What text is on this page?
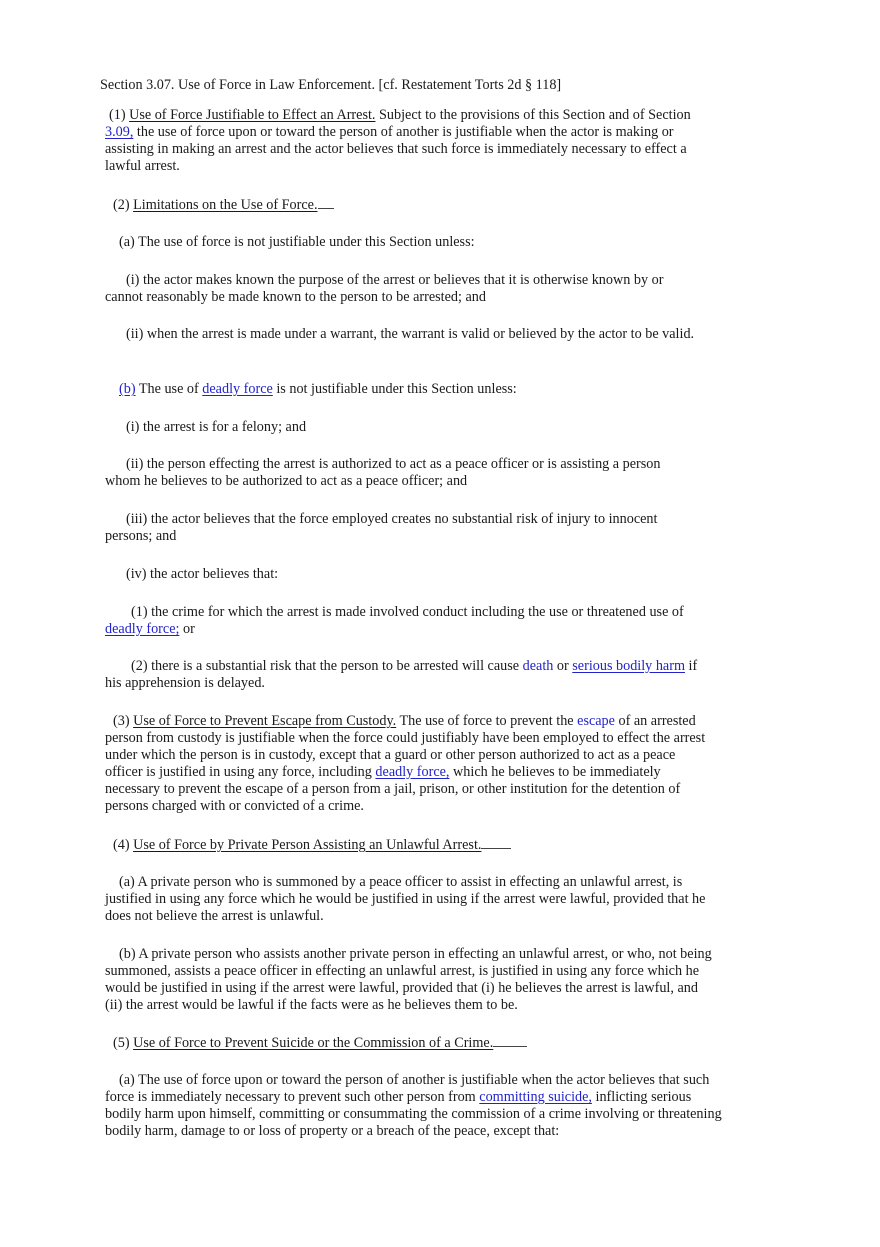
Section 3.07. Use of Force in Law Enforcement. [cf. Restatement Torts 2d § 118]
(1) Use of Force Justifiable to Effect an Arrest. Subject to the provisions of this Section and of Section 3.09, the use of force upon or toward the person of another is justifiable when the actor is making or assisting in making an arrest and the actor believes that such force is immediately necessary to effect a lawful arrest.
(2) Limitations on the Use of Force.
(a) The use of force is not justifiable under this Section unless:
(i) the actor makes known the purpose of the arrest or believes that it is otherwise known by or cannot reasonably be made known to the person to be arrested; and
(ii) when the arrest is made under a warrant, the warrant is valid or believed by the actor to be valid.
(b) The use of deadly force is not justifiable under this Section unless:
(i) the arrest is for a felony; and
(ii) the person effecting the arrest is authorized to act as a peace officer or is assisting a person whom he believes to be authorized to act as a peace officer; and
(iii) the actor believes that the force employed creates no substantial risk of injury to innocent persons; and
(iv) the actor believes that:
(1) the crime for which the arrest is made involved conduct including the use or threatened use of deadly force; or
(2) there is a substantial risk that the person to be arrested will cause death or serious bodily harm if his apprehension is delayed.
(3) Use of Force to Prevent Escape from Custody. The use of force to prevent the escape of an arrested person from custody is justifiable when the force could justifiably have been employed to effect the arrest under which the person is in custody, except that a guard or other person authorized to act as a peace officer is justified in using any force, including deadly force, which he believes to be immediately necessary to prevent the escape of a person from a jail, prison, or other institution for the detention of persons charged with or convicted of a crime.
(4) Use of Force by Private Person Assisting an Unlawful Arrest.
(a) A private person who is summoned by a peace officer to assist in effecting an unlawful arrest, is justified in using any force which he would be justified in using if the arrest were lawful, provided that he does not believe the arrest is unlawful.
(b) A private person who assists another private person in effecting an unlawful arrest, or who, not being summoned, assists a peace officer in effecting an unlawful arrest, is justified in using any force which he would be justified in using if the arrest were lawful, provided that (i) he believes the arrest is lawful, and (ii) the arrest would be lawful if the facts were as he believes them to be.
(5) Use of Force to Prevent Suicide or the Commission of a Crime.
(a) The use of force upon or toward the person of another is justifiable when the actor believes that such force is immediately necessary to prevent such other person from committing suicide, inflicting serious bodily harm upon himself, committing or consummating the commission of a crime involving or threatening bodily harm, damage to or loss of property or a breach of the peace, except that:
